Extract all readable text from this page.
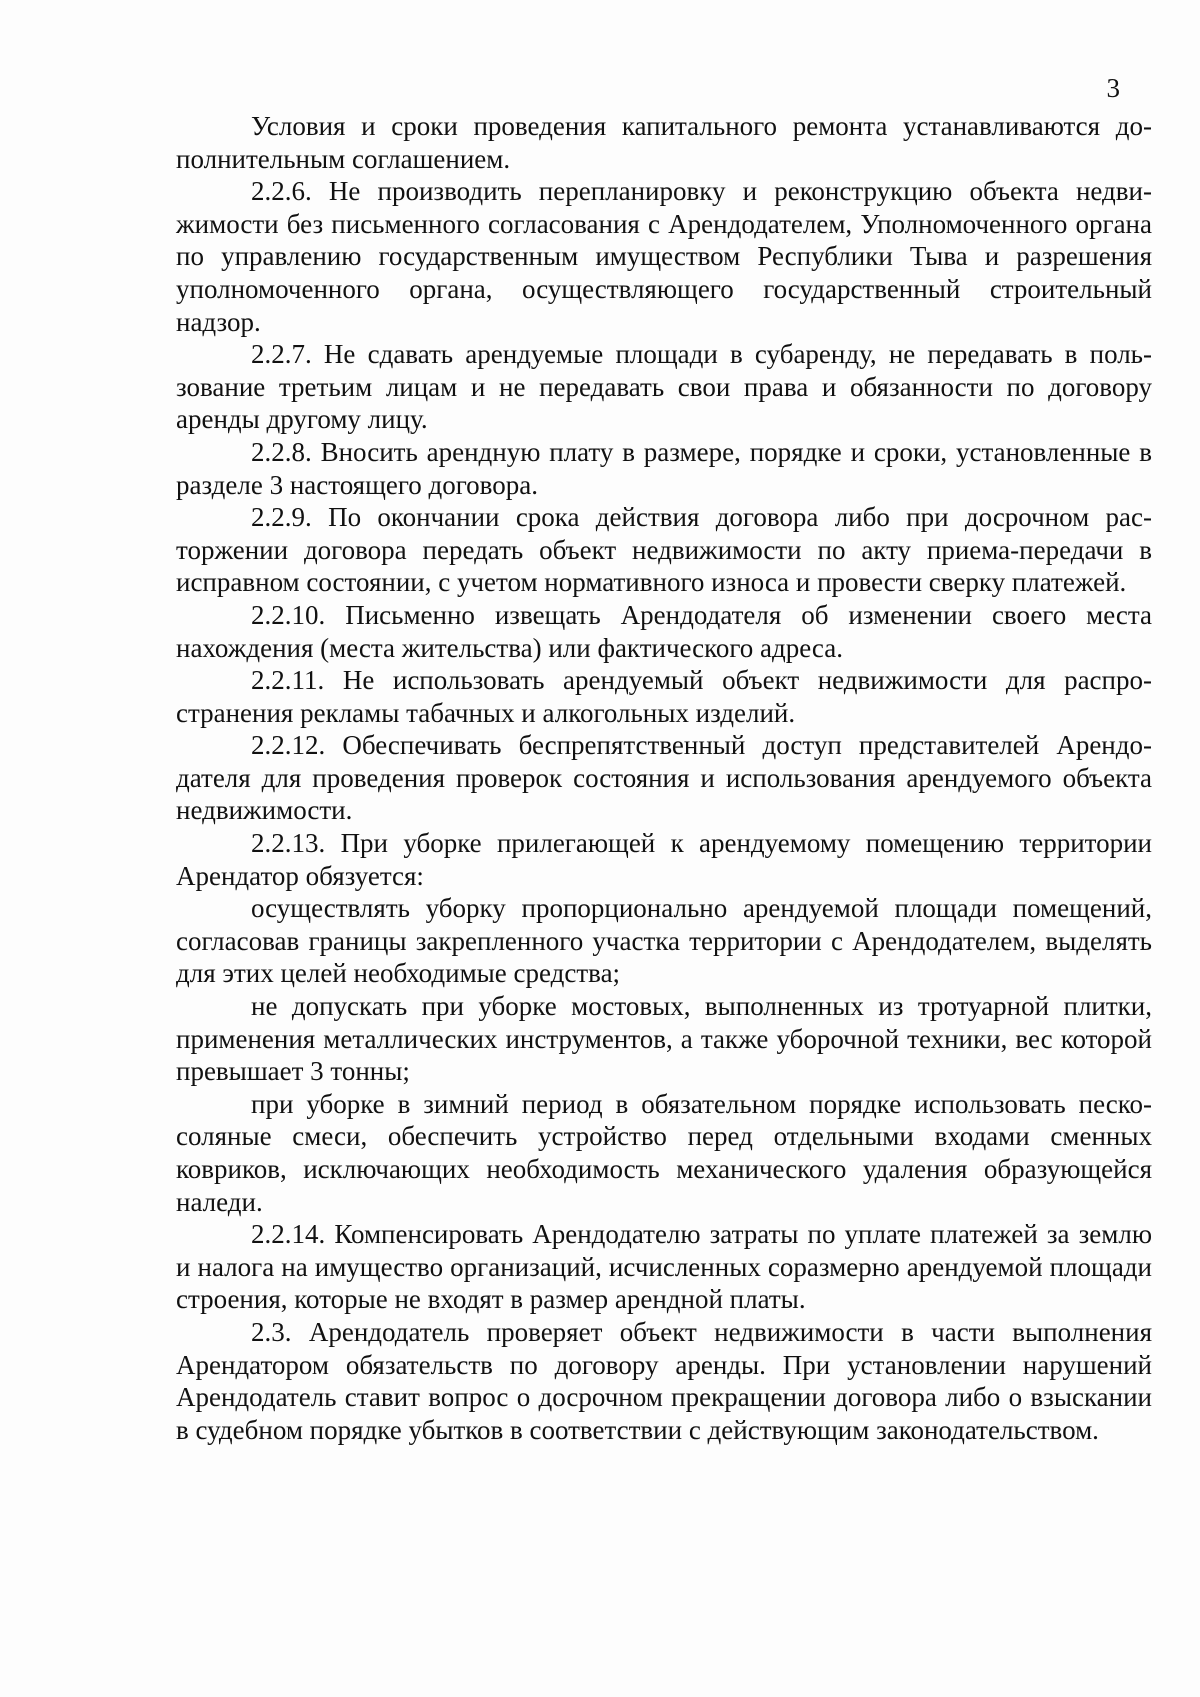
3

Условия и сроки проведения капитального ремонта устанавливаются дополнительным соглашением.

2.2.6. Не производить перепланировку и реконструкцию объекта недвижимости без письменного согласования с Арендодателем, Уполномоченного органа по управлению государственным имуществом Республики Тыва и разрешения уполномоченного органа, осуществляющего государственный строительный надзор.

2.2.7. Не сдавать арендуемые площади в субаренду, не передавать в пользование третьим лицам и не передавать свои права и обязанности по договору аренды другому лицу.

2.2.8. Вносить арендную плату в размере, порядке и сроки, установленные в разделе 3 настоящего договора.

2.2.9. По окончании срока действия договора либо при досрочном расторжении договора передать объект недвижимости по акту приема-передачи в исправном состоянии, с учетом нормативного износа и провести сверку платежей.

2.2.10. Письменно извещать Арендодателя об изменении своего места нахождения (места жительства) или фактического адреса.

2.2.11. Не использовать арендуемый объект недвижимости для распространения рекламы табачных и алкогольных изделий.

2.2.12. Обеспечивать беспрепятственный доступ представителей Арендодателя для проведения проверок состояния и использования арендуемого объекта недвижимости.

2.2.13. При уборке прилегающей к арендуемому помещению территории Арендатор обязуется:

осуществлять уборку пропорционально арендуемой площади помещений, согласовав границы закрепленного участка территории с Арендодателем, выделять для этих целей необходимые средства;

не допускать при уборке мостовых, выполненных из тротуарной плитки, применения металлических инструментов, а также уборочной техники, вес которой превышает 3 тонны;

при уборке в зимний период в обязательном порядке использовать пескосоляные смеси, обеспечить устройство перед отдельными входами сменных ковриков, исключающих необходимость механического удаления образующейся наледи.

2.2.14. Компенсировать Арендодателю затраты по уплате платежей за землю и налога на имущество организаций, исчисленных соразмерно арендуемой площади строения, которые не входят в размер арендной платы.

2.3. Арендодатель проверяет объект недвижимости в части выполнения Арендатором обязательств по договору аренды. При установлении нарушений Арендодатель ставит вопрос о досрочном прекращении договора либо о взыскании в судебном порядке убытков в соответствии с действующим законодательством.
